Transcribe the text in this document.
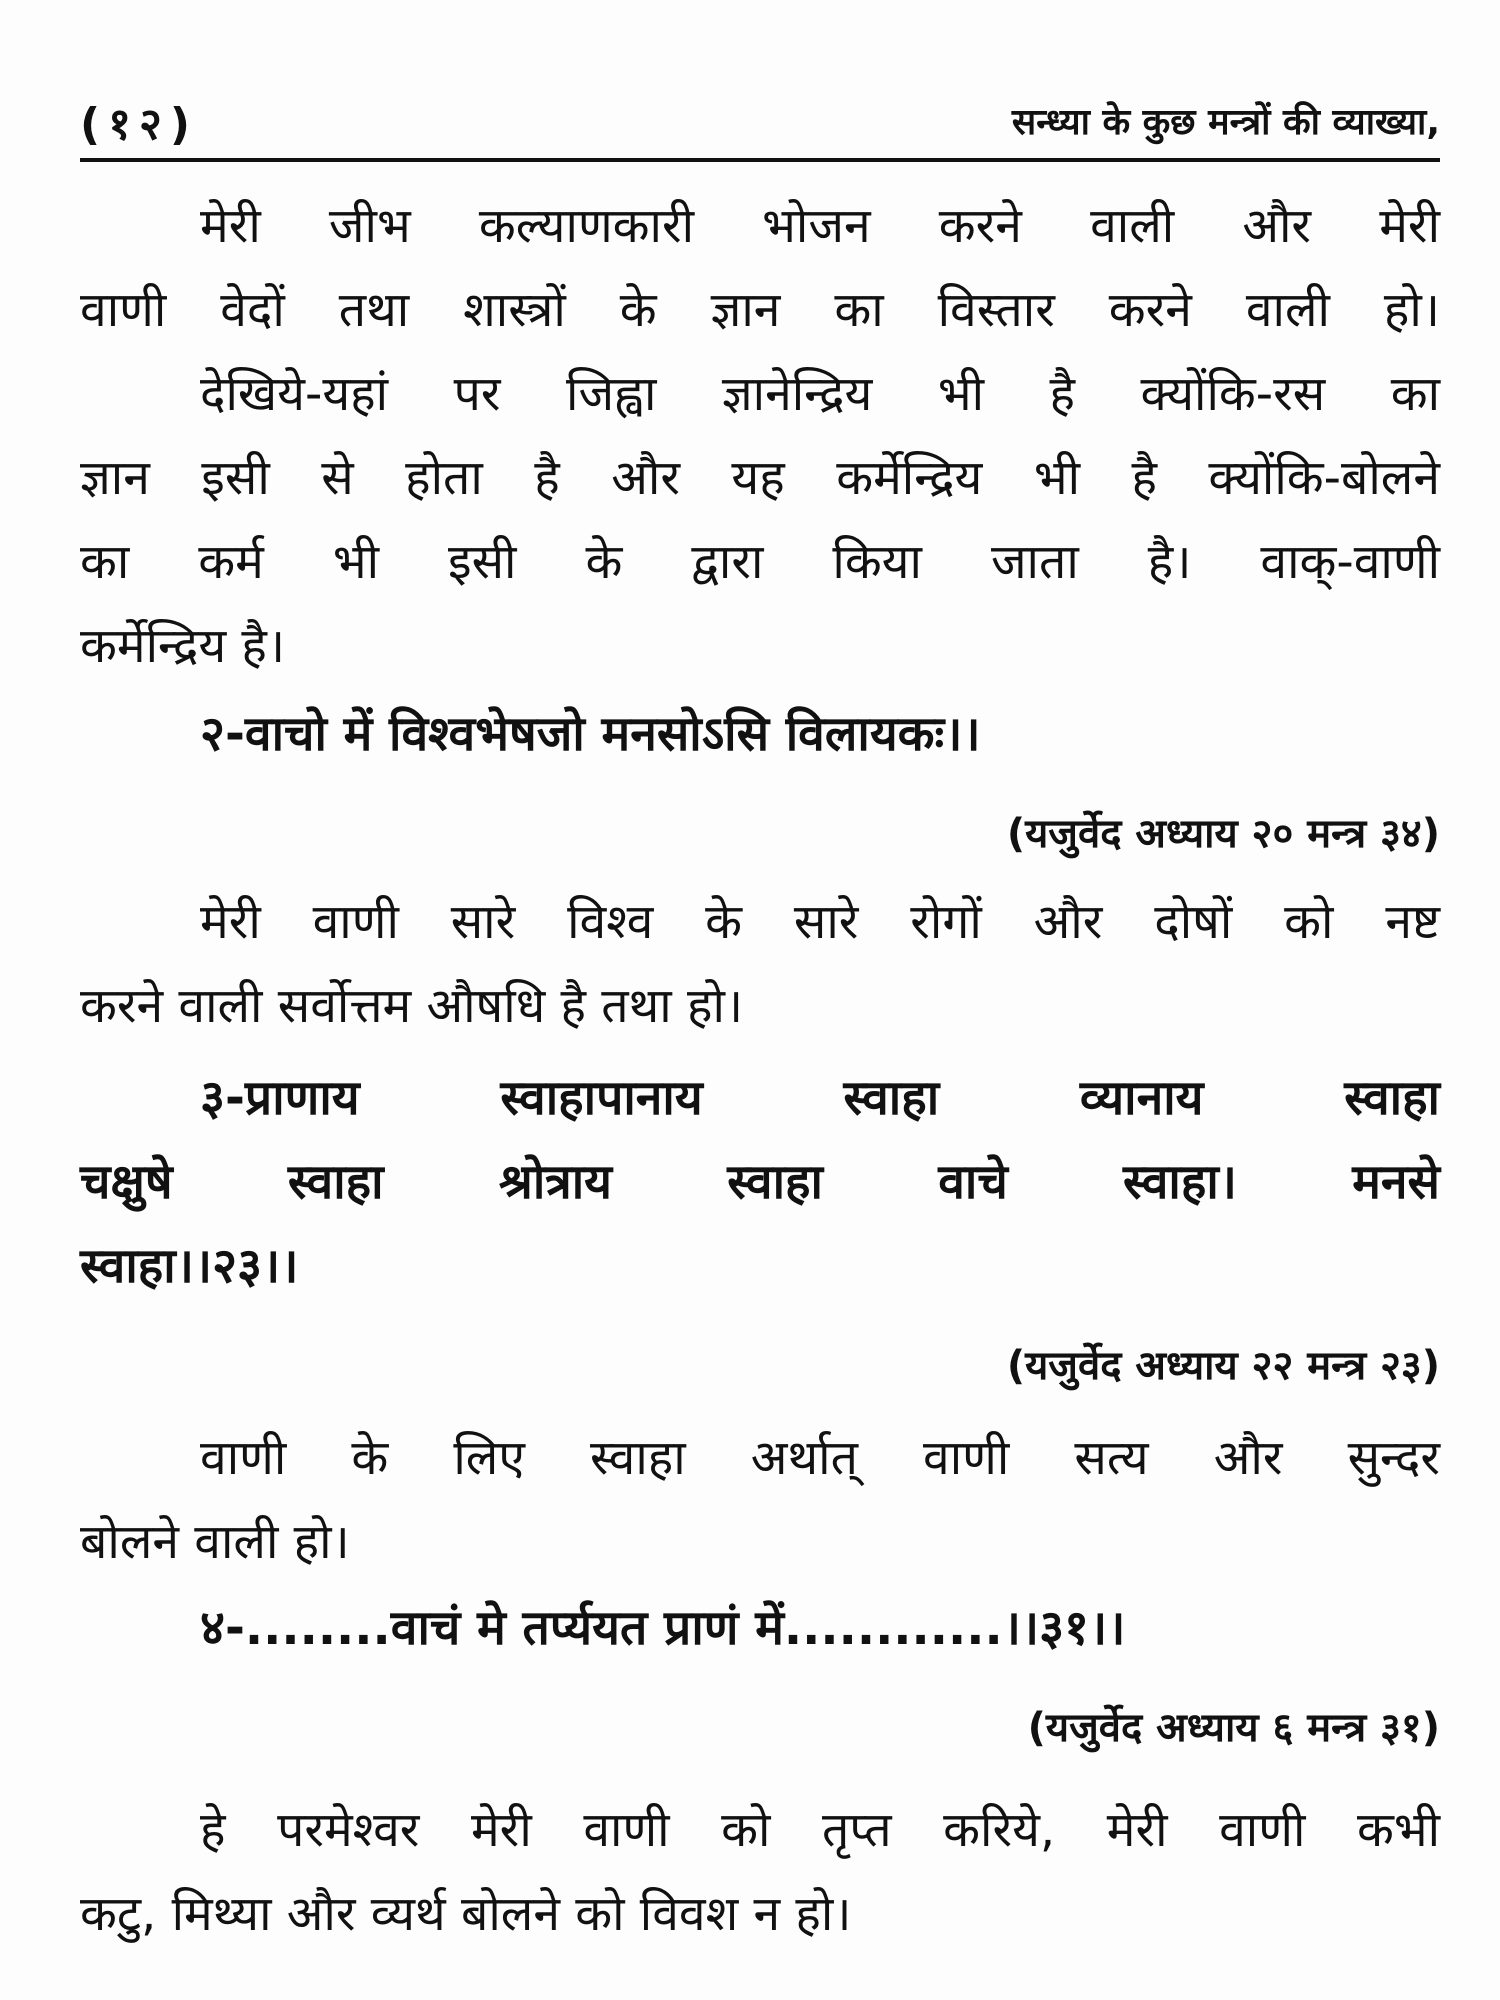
(१२)	सन्ध्या के कुछ मन्त्रों की व्याख्या,
मेरी जीभ कल्याणकारी भोजन करने वाली और मेरी
वाणी वेदों तथा शास्त्रों के ज्ञान का विस्तार करने वाली हो।
देखिये-यहां पर जिह्वा ज्ञानेन्द्रिय भी है क्योंकि-रस का
ज्ञान इसी से होता है और यह कर्मेन्द्रिय भी है क्योंकि-बोलने
का कर्म भी इसी के द्वारा किया जाता है। वाक्-वाणी
कर्मेन्द्रिय है।
२-वाचो में विश्वभेषजो मनसोऽसि विलायकः।।
(यजुर्वेद अध्याय २० मन्त्र ३४)
मेरी वाणी सारे विश्व के सारे रोगों और दोषों को नष्ट
करने वाली सर्वोत्तम औषधि है तथा हो।
३-प्राणाय स्वाहापानाय स्वाहा व्यानाय स्वाहा
चक्षुषे स्वाहा श्रोत्राय स्वाहा वाचे स्वाहा। मनसे
स्वाहा।।२३।।
(यजुर्वेद अध्याय २२ मन्त्र २३)
वाणी के लिए स्वाहा अर्थात् वाणी सत्य और सुन्दर
बोलने वाली हो।
४-........वाचं मे तर्प्ययत प्राणं में............।।३१।।
(यजुर्वेद अध्याय ६ मन्त्र ३१)
हे परमेश्वर मेरी वाणी को तृप्त करिये, मेरी वाणी कभी
कटु, मिथ्या और व्यर्थ बोलने को विवश न हो।
